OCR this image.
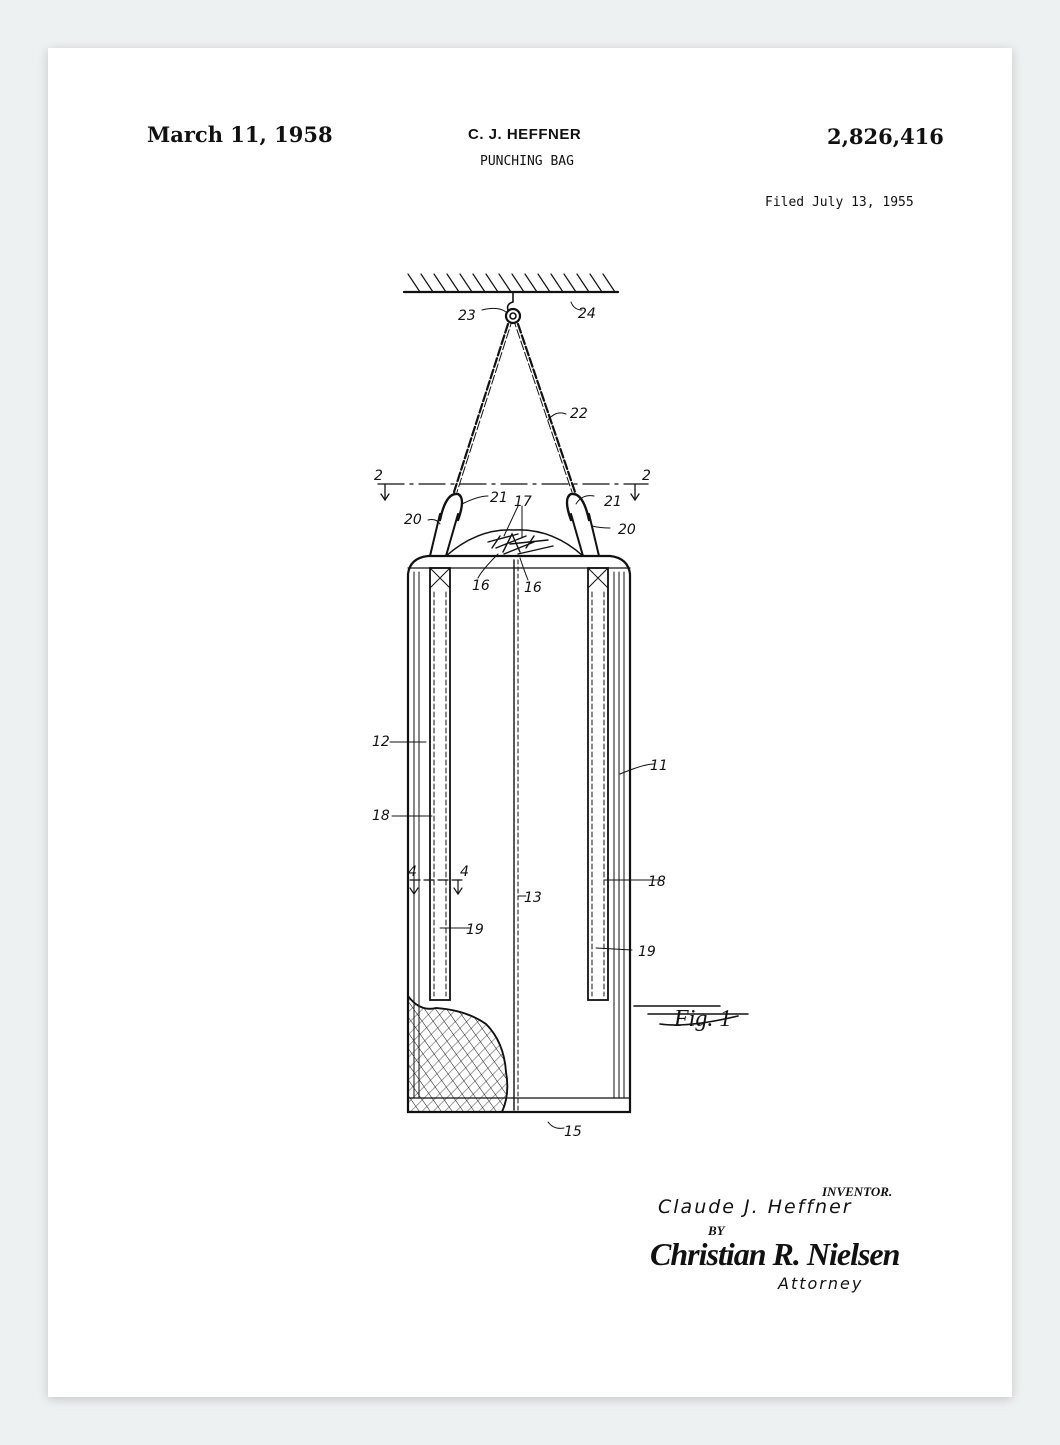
March 11, 1958	C. J. HEFFNER
PUNCHING BAG
2,826,416
Filed July 13, 1955
2	2
4	4
23	24
22
21	21
20
20
17
16 16
12
11
18
18
13
19
19
15
Fig. 1
INVENTOR.
Claude J. Heffner
BY
Christian R. Nielsen
Attorney
